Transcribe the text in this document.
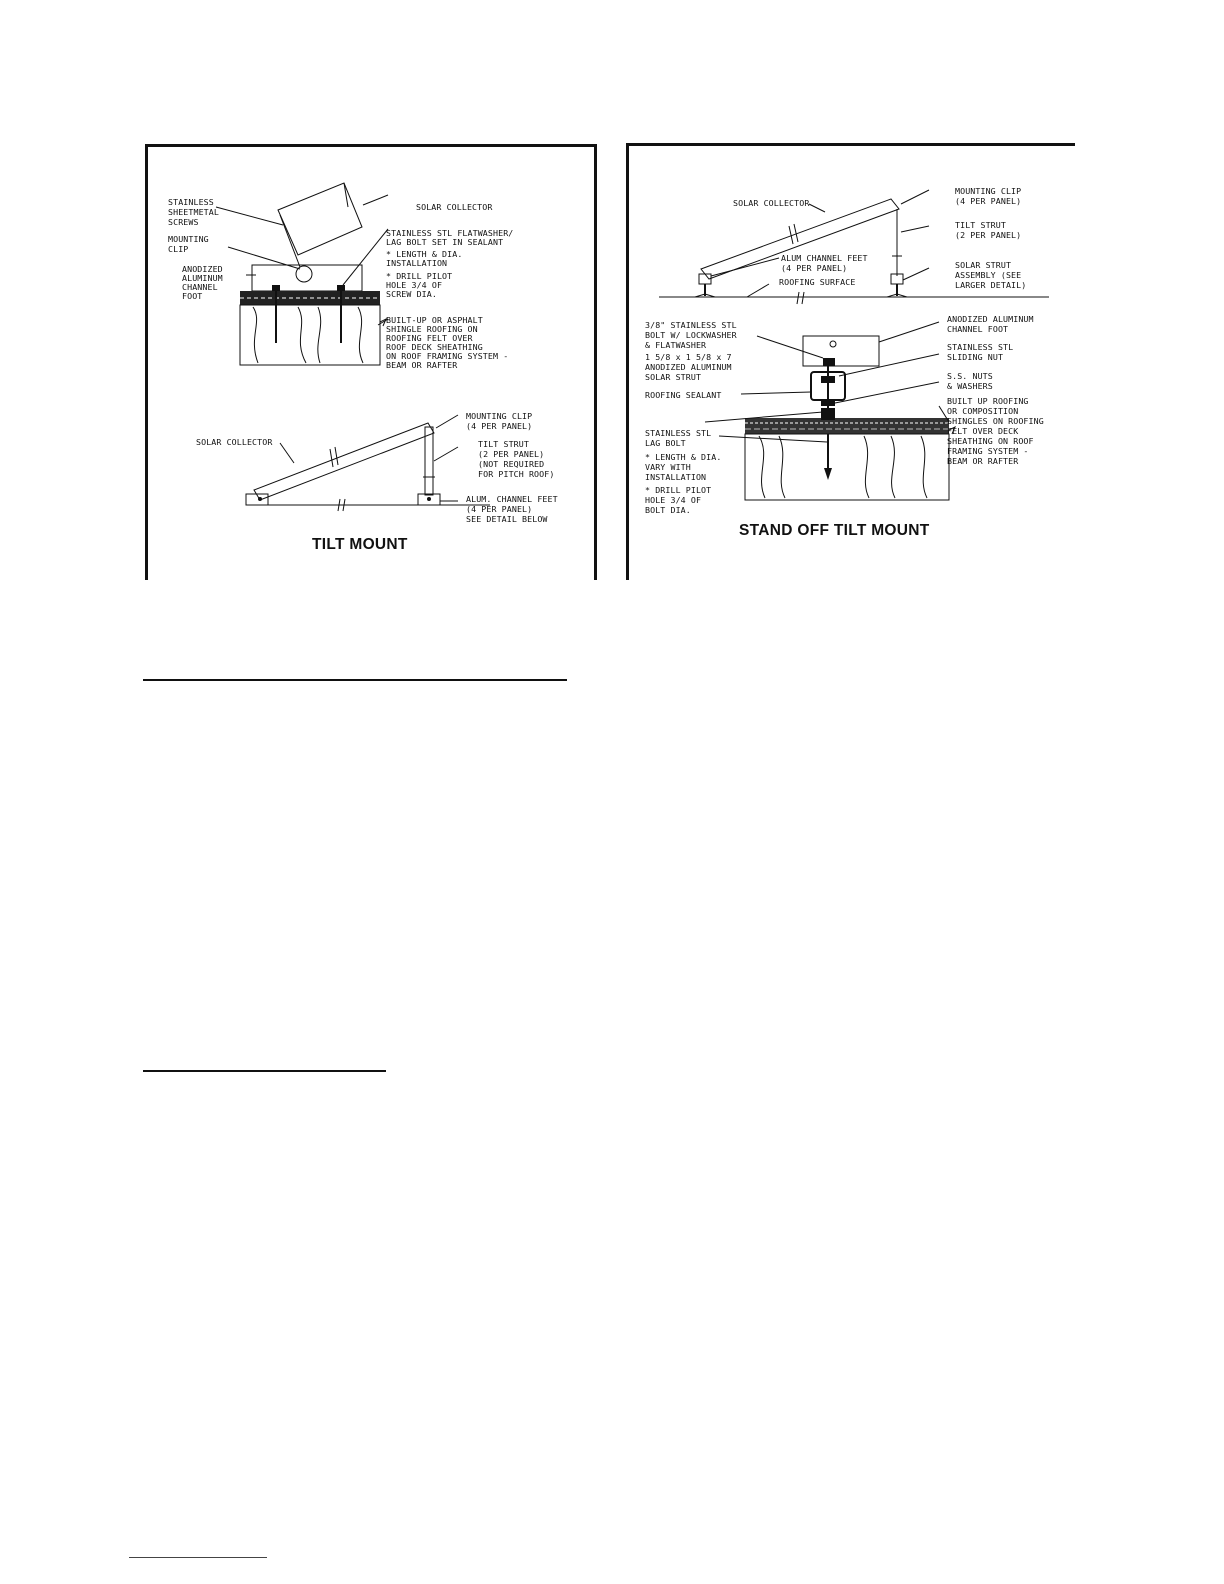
STAINLESS SHEETMETAL SCREWS
SOLAR COLLECTOR
MOUNTING CLIP
STAINLESS STL FLATWASHER/ LAG BOLT SET IN SEALANT
* LENGTH & DIA. INSTALLATION
* DRILL PILOT HOLE 3/4 OF SCREW DIA.
ANODIZED ALUMINUM CHANNEL FOOT
BUILT-UP OR ASPHALT SHINGLE ROOFING ON ROOFING FELT OVER ROOF DECK SHEATHING ON ROOF FRAMING SYSTEM - BEAM OR RAFTER
SOLAR COLLECTOR
MOUNTING CLIP (4 PER PANEL)
TILT STRUT (2 PER PANEL) (NOT REQUIRED FOR PITCH ROOF)
ALUM. CHANNEL FEET (4 PER PANEL) SEE DETAIL BELOW
TILT MOUNT
SOLAR COLLECTOR
MOUNTING CLIP (4 PER PANEL)
TILT STRUT (2 PER PANEL)
ALUM CHANNEL FEET (4 PER PANEL)	SOLAR STRUT ASSEMBLY (SEE LARGER DETAIL)
ROOFING SURFACE
3/8" STAINLESS STL BOLT W/ LOCKWASHER & FLATWASHER
ANODIZED ALUMINUM CHANNEL FOOT
STAINLESS STL SLIDING NUT
1 5/8 x 1 5/8 x 7 ANODIZED ALUMINUM SOLAR STRUT	S.S. NUTS & WASHERS
ROOFING SEALANT
BUILT UP ROOFING OR COMPOSITION SHINGLES ON ROOFING FELT OVER DECK SHEATHING ON ROOF FRAMING SYSTEM - BEAM OR RAFTER
STAINLESS STL LAG BOLT
* LENGTH & DIA. VARY WITH INSTALLATION
* DRILL PILOT HOLE 3/4 OF BOLT DIA.
STAND OFF TILT MOUNT
